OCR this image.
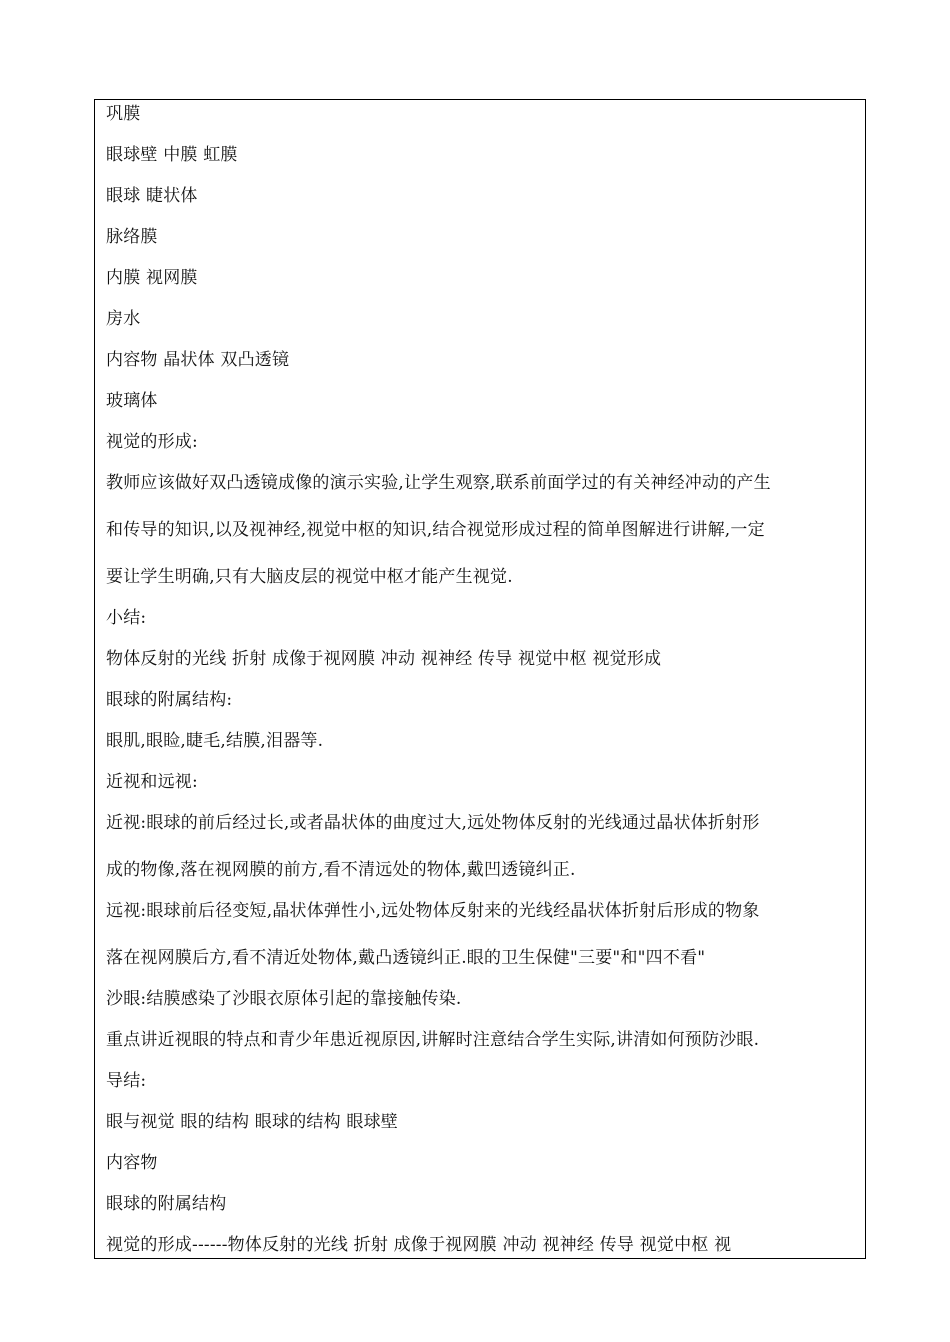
巩膜
眼球壁 中膜 虹膜
眼球 睫状体
脉络膜
内膜 视网膜
房水
内容物 晶状体 双凸透镜
玻璃体
视觉的形成:
教师应该做好双凸透镜成像的演示实验,让学生观察,联系前面学过的有关神经冲动的产生
和传导的知识,以及视神经,视觉中枢的知识,结合视觉形成过程的简单图解进行讲解,一定
要让学生明确,只有大脑皮层的视觉中枢才能产生视觉.
小结:
物体反射的光线 折射 成像于视网膜 冲动 视神经 传导 视觉中枢 视觉形成
眼球的附属结构:
眼肌,眼睑,睫毛,结膜,泪器等.
近视和远视:
近视:眼球的前后经过长,或者晶状体的曲度过大,远处物体反射的光线通过晶状体折射形
成的物像,落在视网膜的前方,看不清远处的物体,戴凹透镜纠正.
远视:眼球前后径变短,晶状体弹性小,远处物体反射来的光线经晶状体折射后形成的物象
落在视网膜后方,看不清近处物体,戴凸透镜纠正.眼的卫生保健"三要"和"四不看"
沙眼:结膜感染了沙眼衣原体引起的靠接触传染.
重点讲近视眼的特点和青少年患近视原因,讲解时注意结合学生实际,讲清如何预防沙眼.
导结:
眼与视觉 眼的结构 眼球的结构 眼球壁
内容物
眼球的附属结构
视觉的形成------物体反射的光线 折射 成像于视网膜 冲动 视神经 传导 视觉中枢 视
